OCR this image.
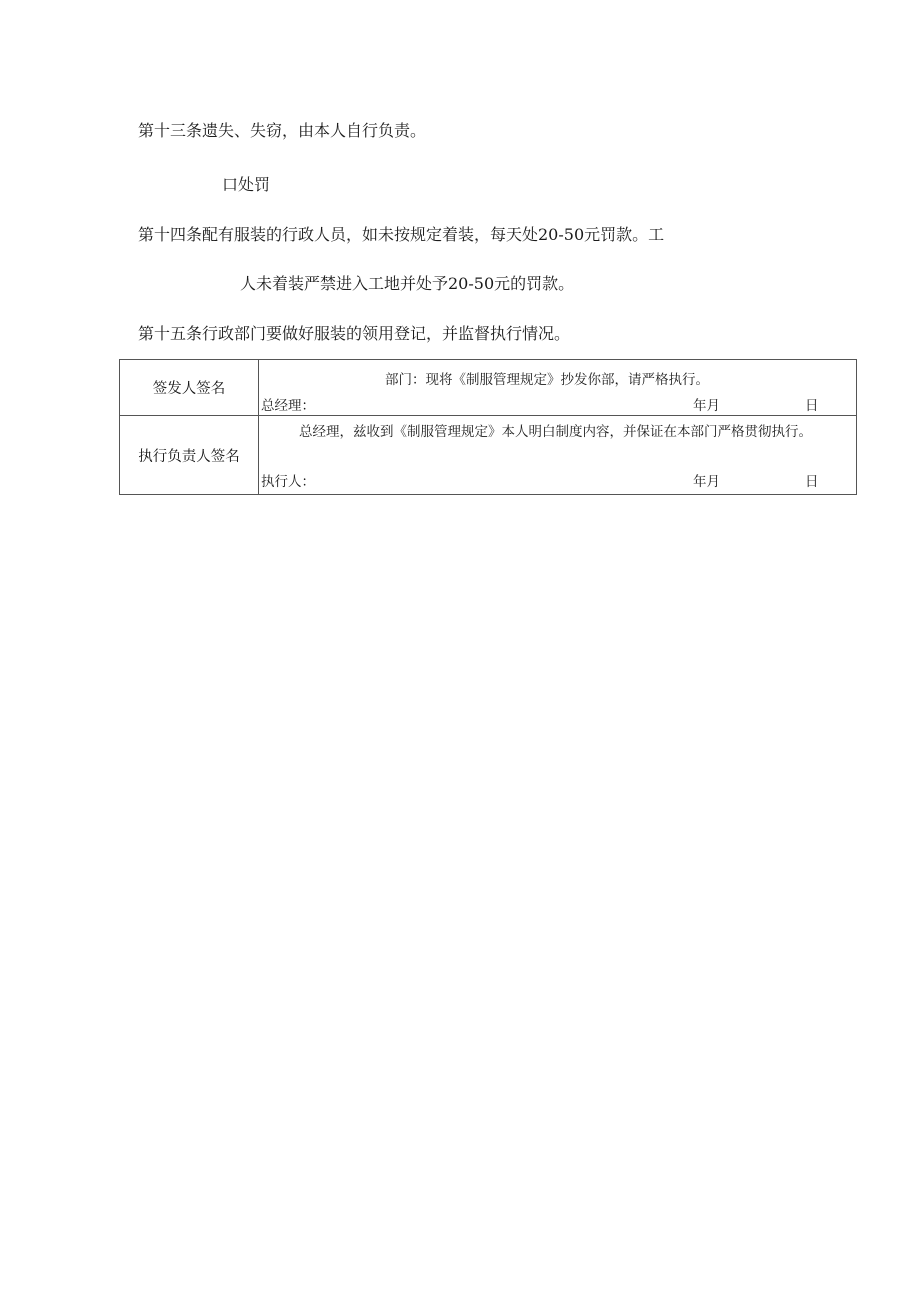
第十三条遗失、失窃，由本人自行负责。
口处罚
第十四条配有服装的行政人员，如未按规定着装，每天处20-50元罚款。工
人未着装严禁进入工地并处予20-50元的罚款。
第十五条行政部门要做好服装的领用登记，并监督执行情况。
签发人签名	部门：现将《制服管理规定》抄发你部，请严格执行。
总经理： 年月 日

执行负责人签名	总经理，兹收到《制服管理规定》本人明白制度内容，并保证在本部门严格贯彻执行。
执行人： 年月 日
